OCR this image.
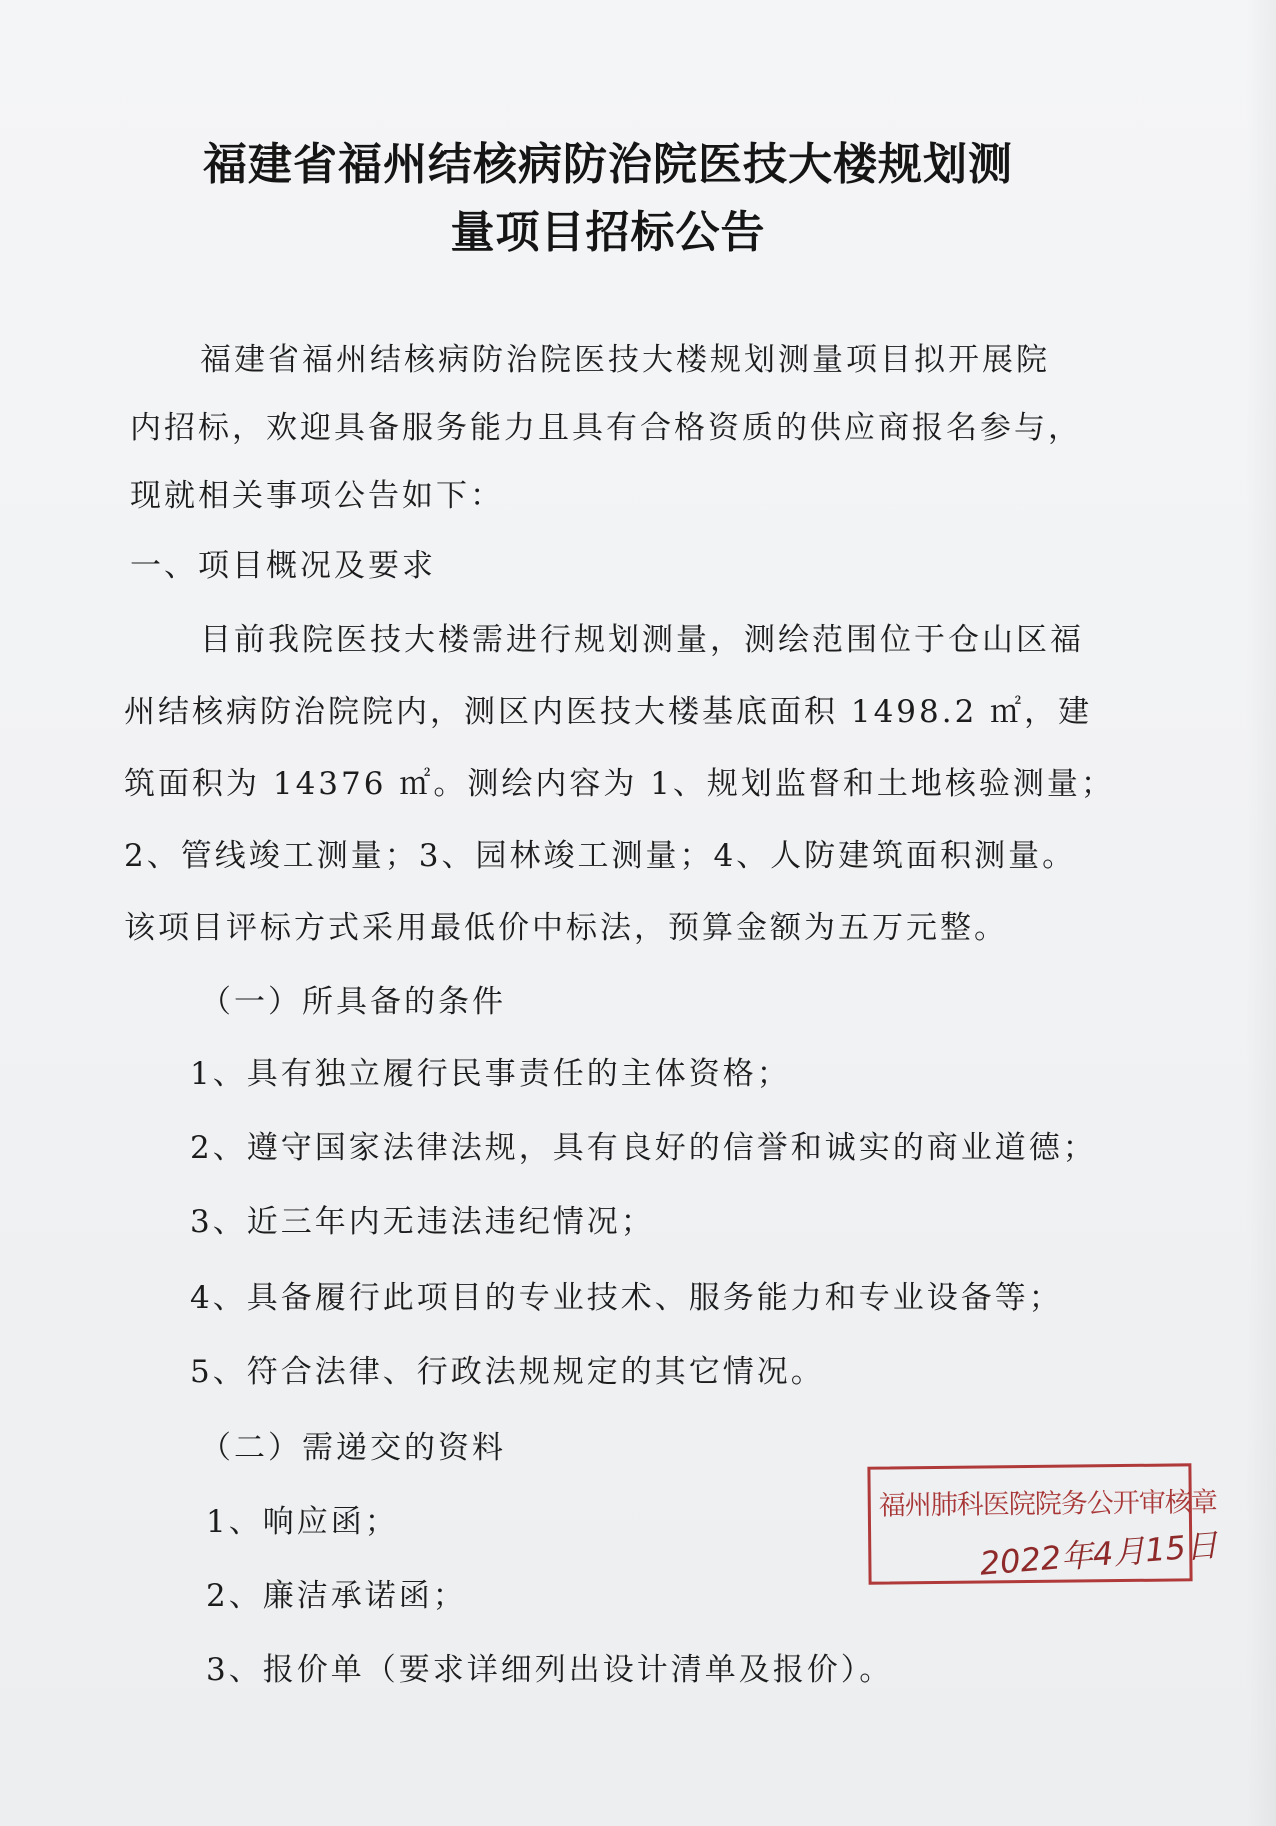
福建省福州结核病防治院医技大楼规划测
量项目招标公告
福建省福州结核病防治院医技大楼规划测量项目拟开展院
内招标，欢迎具备服务能力且具有合格资质的供应商报名参与，
现就相关事项公告如下：
一、项目概况及要求
目前我院医技大楼需进行规划测量，测绘范围位于仓山区福
州结核病防治院院内，测区内医技大楼基底面积 1498.2 ㎡，建
筑面积为 14376 ㎡。测绘内容为 1、规划监督和土地核验测量；
2、管线竣工测量；3、园林竣工测量；4、人防建筑面积测量。
该项目评标方式采用最低价中标法，预算金额为五万元整。
（一）所具备的条件
1、具有独立履行民事责任的主体资格；
2、遵守国家法律法规，具有良好的信誉和诚实的商业道德；
3、近三年内无违法违纪情况；
4、具备履行此项目的专业技术、服务能力和专业设备等；
5、符合法律、行政法规规定的其它情况。
（二）需递交的资料
1、响应函；
2、廉洁承诺函；
3、报价单（要求详细列出设计清单及报价）。
福州肺科医院院务公开审核章
2022年4月15日
